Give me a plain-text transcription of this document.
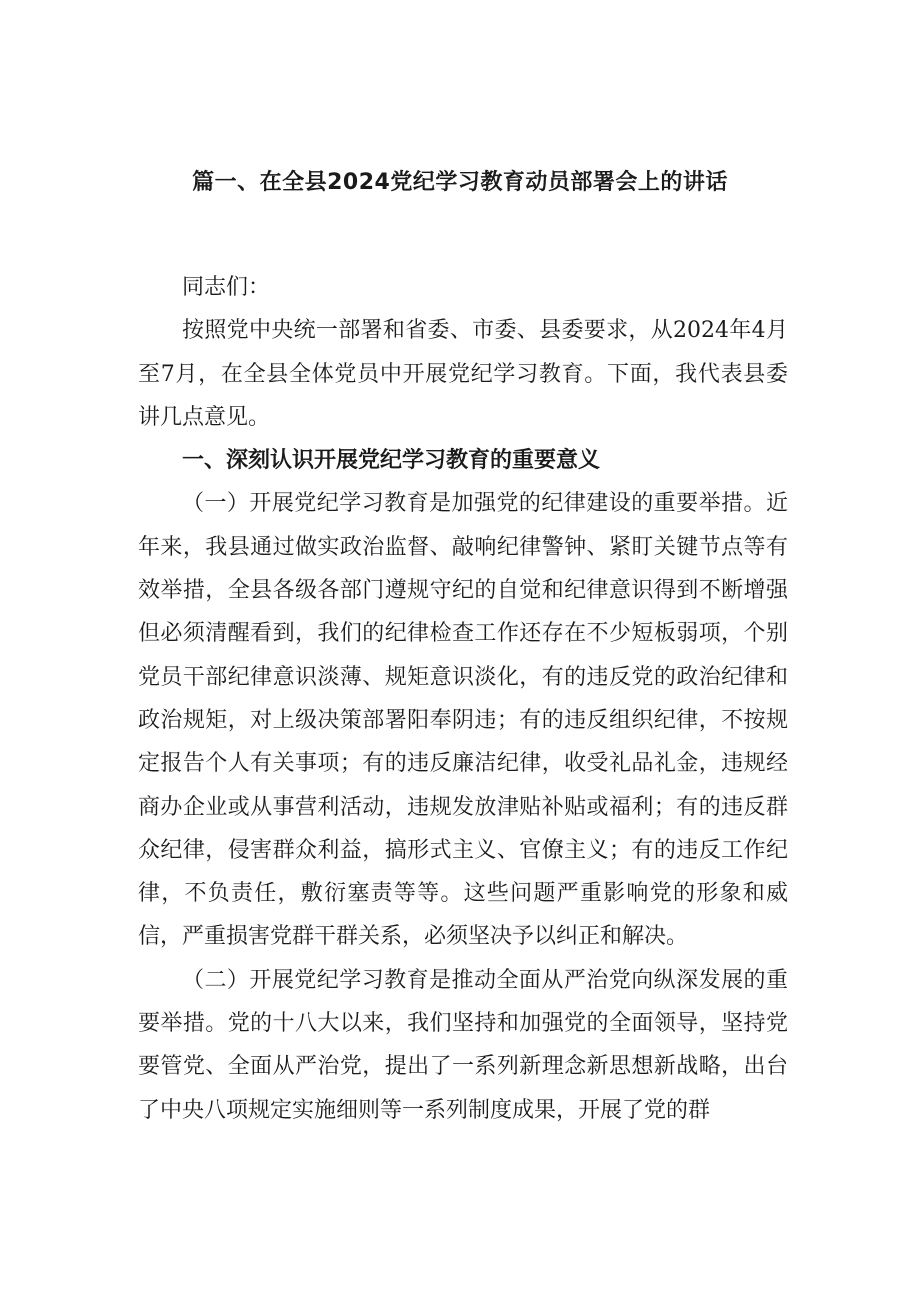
篇一、在全县2024党纪学习教育动员部署会上的讲话

同志们：

按照党中央统一部署和省委、市委、县委要求，从2024年4月至7月，在全县全体党员中开展党纪学习教育。下面，我代表县委讲几点意见。

一、深刻认识开展党纪学习教育的重要意义

（一）开展党纪学习教育是加强党的纪律建设的重要举措。近年来，我县通过做实政治监督、敲响纪律警钟、紧盯关键节点等有效举措，全县各级各部门遵规守纪的自觉和纪律意识得到不断增强但必须清醒看到，我们的纪律检查工作还存在不少短板弱项，个别党员干部纪律意识淡薄、规矩意识淡化，有的违反党的政治纪律和政治规矩，对上级决策部署阳奉阴违；有的违反组织纪律，不按规定报告个人有关事项；有的违反廉洁纪律，收受礼品礼金，违规经商办企业或从事营利活动，违规发放津贴补贴或福利；有的违反群众纪律，侵害群众利益，搞形式主义、官僚主义；有的违反工作纪律，不负责任，敷衍塞责等等。这些问题严重影响党的形象和威信，严重损害党群干群关系，必须坚决予以纠正和解决。

（二）开展党纪学习教育是推动全面从严治党向纵深发展的重要举措。党的十八大以来，我们坚持和加强党的全面领导，坚持党要管党、全面从严治党，提出了一系列新理念新思想新战略，出台了中央八项规定实施细则等一系列制度成果，开展了党的群
